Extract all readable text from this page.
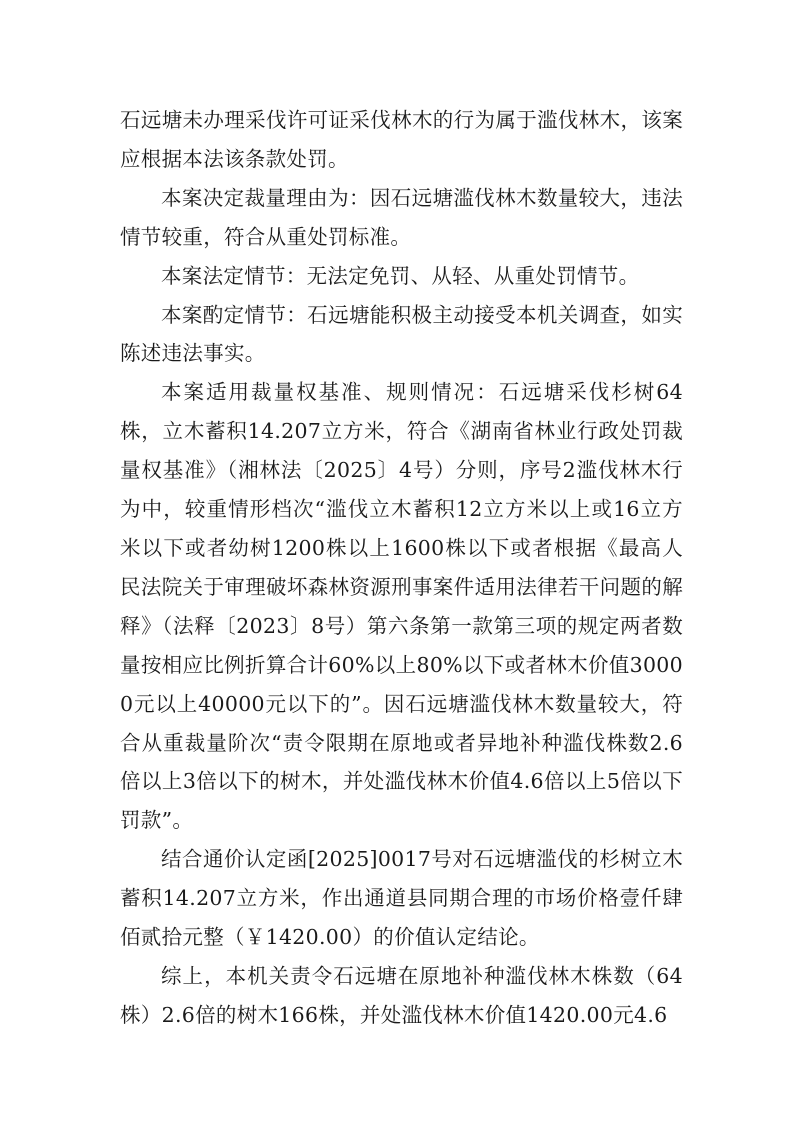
石远塘未办理采伐许可证采伐林木的行为属于滥伐林木，该案应根据本法该条款处罚。

本案决定裁量理由为：因石远塘滥伐林木数量较大，违法情节较重，符合从重处罚标准。

本案法定情节：无法定免罚、从轻、从重处罚情节。

本案酌定情节：石远塘能积极主动接受本机关调查，如实陈述违法事实。

本案适用裁量权基准、规则情况：石远塘采伐杉树64株，立木蓄积14.207立方米，符合《湖南省林业行政处罚裁量权基准》（湘林法〔2025〕4号）分则，序号2滥伐林木行为中，较重情形档次“滥伐立木蓄积12立方米以上或16立方米以下或者幼树1200株以上1600株以下或者根据《最高人民法院关于审理破坏森林资源刑事案件适用法律若干问题的解释》（法释〔2023〕8号）第六条第一款第三项的规定两者数量按相应比例折算合计60%以上80%以下或者林木价值30000元以上40000元以下的”。因石远塘滥伐林木数量较大，符合从重裁量阶次“责令限期在原地或者异地补种滥伐株数2.6倍以上3倍以下的树木，并处滥伐林木价值4.6倍以上5倍以下罚款”。

结合通价认定函[2025]0017号对石远塘滥伐的杉树立木蓄积14.207立方米，作出通道县同期合理的市场价格壹仟肆佰贰拾元整（￥1420.00）的价值认定结论。

综上，本机关责令石远塘在原地补种滥伐林木株数（64株）2.6倍的树木166株，并处滥伐林木价值1420.00元4.6
